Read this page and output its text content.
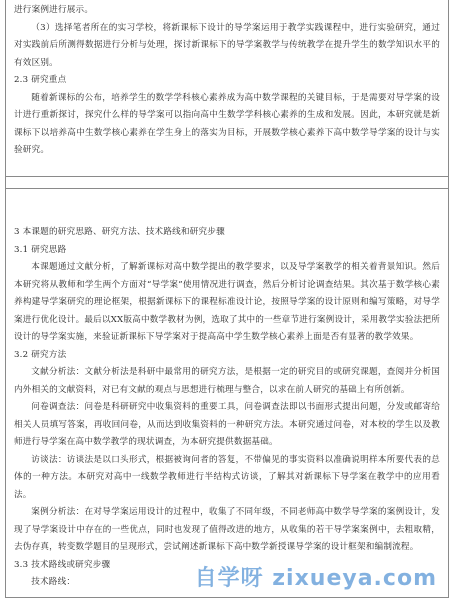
进行案例进行展示。

（3）选择笔者所在的实习学校，将新课标下设计的导学案运用于教学实践课程中，进行实验研究，通过对实践前后所测得数据进行分析与处理，探讨新课标下的导学案教学与传统教学在提升学生的数学知识水平的有效区别。

2.3 研究重点

随着新课标的公布，培养学生的数学学科核心素养成为高中数学课程的关键目标，于是需要对导学案的设计进行重新探讨，探究什么样的导学案可以指向高中生数学学科核心素养的生成和发展。因此，本研究就是新课标下以培养高中生数学核心素养在学生身上的落实为目标，开展数学核心素养下高中数学导学案的设计与实验研究。

3 本课题的研究思路、研究方法、技术路线和研究步骤

3.1 研究思路

本课题通过文献分析，了解新课标对高中数学提出的教学要求，以及导学案教学的相关着背景知识。然后本研究将从教师和学生两个方面对“导学案”使用情况进行调查，然后分析讨论调查结果。其次基于数学核心素养构建导学案研究的理论框架，根据新课标下的课程标准设计论，按照导学案的设计原则和编写策略，对导学案进行优化设计。最后以XX版高中数学教材为例，选取了其中的一些章节进行案例设计，采用教学实验法把所设计的导学案实施，来验证新课标下导学案对于提高高中学生数学核心素养上面是否有显著的教学效果。

3.2 研究方法

文献分析法：文献分析法是科研中最常用的研究方法，是根据一定的研究目的或研究课题，查阅并分析国内外相关的文献资料，对已有文献的观点与思想进行梳理与整合，以求在前人研究的基础上有所创新。

问卷调查法：问卷是科研研究中收集资料的重要工具，问卷调查法即以书面形式提出问题，分发或邮寄给相关人员填写答案，再收回问卷，从而达到收集资料的一种研究方法。本研究通过问卷，对本校的学生以及教师进行导学案在高中数学教学的现状调查，为本研究提供数据基础。

访谈法：访谈法是以口头形式，根据被询问者的答复，不带偏见的事实资料以准确说明样本所要代表的总体的一种方法。本研究对高中一线数学教师进行半结构式访谈，了解其对新课标下导学案在教学中的应用看法。

案例分析法：在对导学案运用设计的过程中，收集了不同年级，不同老师高中数学导学案的案例设计，发现了导学案设计中存在的一些优点，同时也发现了值得改进的地方，从收集的若干导学案案例中，去粗取精，去伪存真，转变数学题目的呈现形式，尝试阐述新课标下高中数学新授课导学案的设计框架和编制流程。

3.3 技术路线或研究步骤

技术路线：	自学呀 zixueya.com
